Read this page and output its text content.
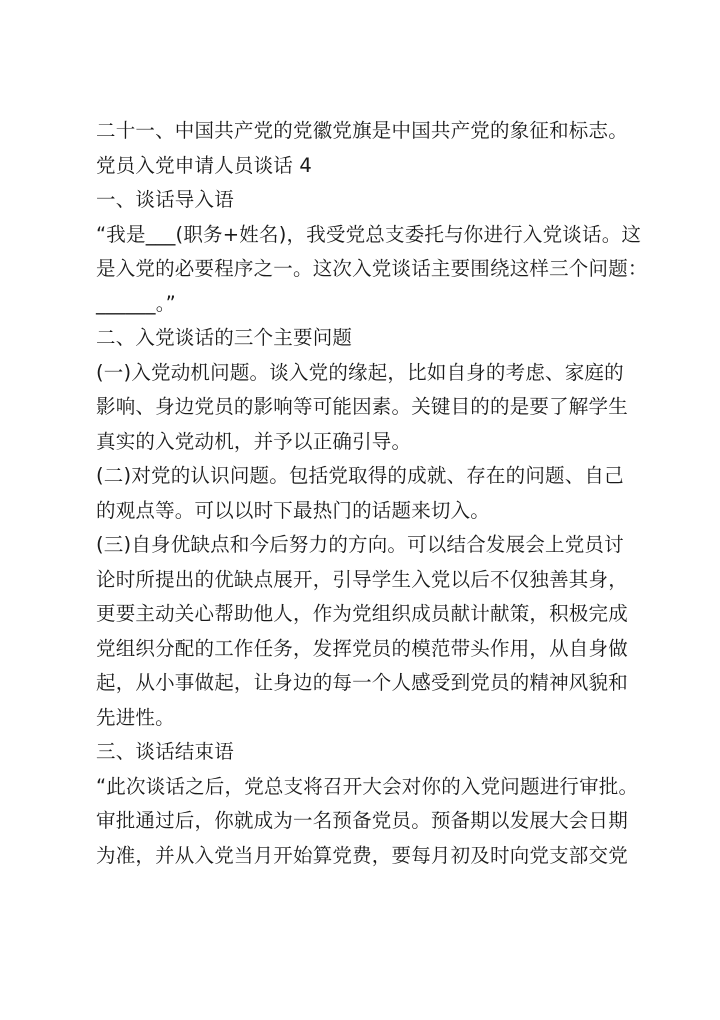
二十一、中国共产党的党徽党旗是中国共产党的象征和标志。
党员入党申请人员谈话 4
一、谈话导入语
“我是___(职务+姓名)，我受党总支委托与你进行入党谈话。这
是入党的必要程序之一。这次入党谈话主要围绕这样三个问题：
______。”
二、入党谈话的三个主要问题
(一)入党动机问题。谈入党的缘起，比如自身的考虑、家庭的
影响、身边党员的影响等可能因素。关键目的的是要了解学生
真实的入党动机，并予以正确引导。
(二)对党的认识问题。包括党取得的成就、存在的问题、自己
的观点等。可以以时下最热门的话题来切入。
(三)自身优缺点和今后努力的方向。可以结合发展会上党员讨
论时所提出的优缺点展开，引导学生入党以后不仅独善其身，
更要主动关心帮助他人，作为党组织成员献计献策，积极完成
党组织分配的工作任务，发挥党员的模范带头作用，从自身做
起，从小事做起，让身边的每一个人感受到党员的精神风貌和
先进性。
三、谈话结束语
“此次谈话之后，党总支将召开大会对你的入党问题进行审批。
审批通过后，你就成为一名预备党员。预备期以发展大会日期
为准，并从入党当月开始算党费，要每月初及时向党支部交党
